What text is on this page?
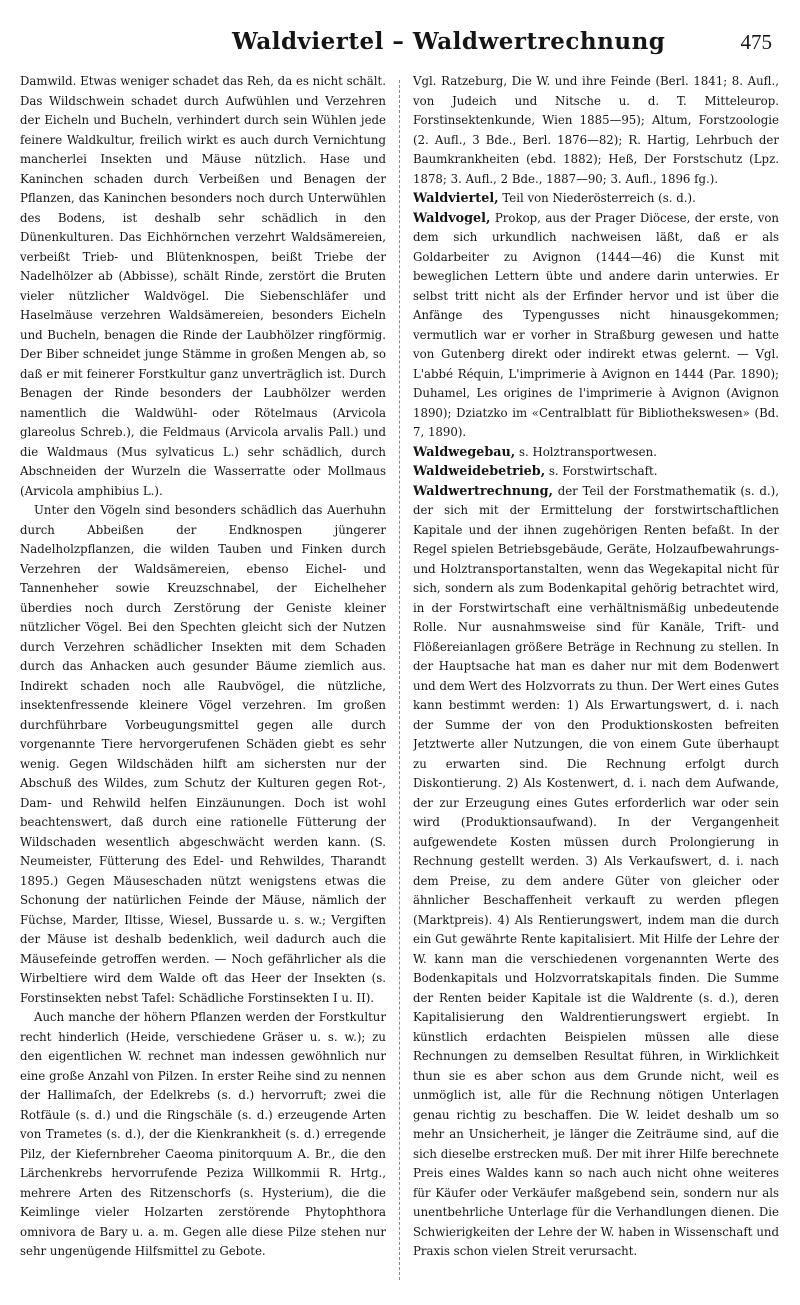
Waldviertel – Waldwertrechnung	475

Damwild. Etwas weniger schadet das Reh, da es nicht schält. Das Wildschwein schadet durch Aufwühlen und Verzehren der Eicheln und Bucheln, verhindert durch sein Wühlen jede feinere Waldkultur, freilich wirkt es auch durch Vernichtung mancherlei Insekten und Mäuse nützlich. Hase und Kaninchen schaden durch Verbeißen und Benagen der Pflanzen, das Kaninchen besonders noch durch Unterwühlen des Bodens, ist deshalb sehr schädlich in den Dünenkulturen. Das Eichhörnchen verzehrt Waldsämereien, verbeißt Trieb- und Blütenknospen, beißt Triebe der Nadelhölzer ab (Abbisse), schält Rinde, zerstört die Bruten vieler nützlicher Waldvögel. Die Siebenschläfer und Haselmäuse verzehren Waldsämereien, besonders Eicheln und Bucheln, benagen die Rinde der Laubhölzer ringförmig. Der Biber schneidet junge Stämme in großen Mengen ab, so daß er mit feinerer Forstkultur ganz unverträglich ist. Durch Benagen der Rinde besonders der Laubhölzer werden namentlich die Waldwühl- oder Rötelmaus (Arvicola glareolus Schreb.), die Feldmaus (Arvicola arvalis Pall.) und die Waldmaus (Mus sylvaticus L.) sehr schädlich, durch Abschneiden der Wurzeln die Wasserratte oder Mollmaus (Arvicola amphibius L.).

Unter den Vögeln sind besonders schädlich das Auerhuhn durch Abbeißen der Endknospen jüngerer Nadelholzpflanzen, die wilden Tauben und Finken durch Verzehren der Waldsämereien, ebenso Eichel- und Tannenheher sowie Kreuzschnabel, der Eichelheher überdies noch durch Zerstörung der Genistе kleiner nützlicher Vögel. Bei den Spechten gleicht sich der Nutzen durch Verzehren schädlicher Insekten mit dem Schaden durch das Anhacken auch gesunder Bäume ziemlich aus. Indirekt schaden noch alle Raubvögel, die nützliche, insektenfressende kleinere Vögel verzehren. Im großen durchführbare Vorbeugungsmittel gegen alle durch vorgenannte Tiere hervorgerufenen Schäden giebt es sehr wenig. Gegen Wildschäden hilft am sichersten nur der Abschuß des Wildes, zum Schutz der Kulturen gegen Rot-, Dam- und Rehwild helfen Einzäunungen. Doch ist wohl beachtenswert, daß durch eine rationelle Fütterung der Wildschaden wesentlich abgeschwächt werden kann. (S. Neumeister, Fütterung des Edel- und Rehwildes, Tharandt 1895.) Gegen Mäuseschaden nützt wenigstens etwas die Schonung der natürlichen Feinde der Mäuse, nämlich der Füchse, Marder, Iltisse, Wiesel, Bussarde u. s. w.; Vergiften der Mäuse ist deshalb bedenklich, weil dadurch auch die Mäusefeinde getroffen werden. — Noch gefährlicher als die Wirbeltiere wird dem Walde oft das Heer der Insekten (s. Forstinsekten nebst Tafel: Schädliche Forstinsekten I u. II).

Auch manche der höhern Pflanzen werden der Forstkultur recht hinderlich (Heide, verschiedene Gräser u. s. w.); zu den eigentlichen W. rechnet man indessen gewöhnlich nur eine große Anzahl von Pilzen. In erster Reihe sind zu nennen der Hallimaſch, der Edelkrebs (s. d.) hervorruft; zwei die Rotfäule (s. d.) und die Ringschäle (s. d.) erzeugende Arten von Trametes (s. d.), der die Kienkrankheit (s. d.) erregende Pilz, der Kiefernbreher Caeoma pinitorquum A. Br., die den Lärchenkrebs hervorrufende Peziza Willkommii R. Hrtg., mehrere Arten des Ritzenschorfs (s. Hysterium), die die Keimlinge vieler Holzarten zerstörende Phytophthora omnivora de Bary u. a. m. Gegen alle diese Pilze stehen nur sehr ungenügende Hilfsmittel zu Gebote.

Vgl. Ratzeburg, Die W. und ihre Feinde (Berl. 1841; 8. Aufl., von Judeich und Nitsche u. d. T. Mitteleurop. Forstinsektenkunde, Wien 1885—95); Altum, Forstzoologie (2. Aufl., 3 Bde., Berl. 1876—82); R. Hartig, Lehrbuch der Baumkrankheiten (ebd. 1882); Heß, Der Forstschutz (Lpz. 1878; 3. Aufl., 2 Bde., 1887—90; 3. Aufl., 1896 fg.).

Waldviertel, Teil von Niederösterreich (s. d.).

Waldvogel, Prokop, aus der Prager Diöcese, der erste, von dem sich urkundlich nachweisen läßt, daß er als Goldarbeiter zu Avignon (1444—46) die Kunst mit beweglichen Lettern übte und andere darin unterwies. Er selbst tritt nicht als der Erfinder hervor und ist über die Anfänge des Typengusses nicht hinausgekommen; vermutlich war er vorher in Straßburg gewesen und hatte von Gutenberg direkt oder indirekt etwas gelernt. — Vgl. L'abbé Réquin, L'imprimerie à Avignon en 1444 (Par. 1890); Duhamel, Les origines de l'imprimerie à Avignon (Avignon 1890); Dziatzko im «Centralblatt für Bibliothekswesen» (Bd. 7, 1890).

Waldwegebau, s. Holztransportwesen.

Waldweidebetrieb, s. Forstwirtschaft.

Waldwertrechnung, der Teil der Forstmathematik (s. d.), der sich mit der Ermittelung der forstwirtschaftlichen Kapitale und der ihnen zugehörigen Renten befaßt. In der Regel spielen Betriebsgebäude, Geräte, Holzaufbewahrungs- und Holztransportanstalten, wenn das Wegekapital nicht für sich, sondern als zum Bodenkapital gehörig betrachtet wird, in der Forstwirtschaft eine verhältnismäßig unbedeutende Rolle. Nur ausnahmsweise sind für Kanäle, Trift- und Flößereianlagen größere Beträge in Rechnung zu stellen. In der Hauptsache hat man es daher nur mit dem Bodenwert und dem Wert des Holzvorrats zu thun. Der Wert eines Gutes kann bestimmt werden: 1) Als Erwartungswert, d. i. nach der Summe der von den Produktionskosten befreiten Jetztwerte aller Nutzungen, die von einem Gute überhaupt zu erwarten sind. Die Rechnung erfolgt durch Diskontierung. 2) Als Kostenwert, d. i. nach dem Aufwande, der zur Erzeugung eines Gutes erforderlich war oder sein wird (Produktionsaufwand). In der Vergangenheit aufgewendete Kosten müssen durch Prolongierung in Rechnung gestellt werden. 3) Als Verkaufswert, d. i. nach dem Preise, zu dem andere Güter von gleicher oder ähnlicher Beschaffenheit verkauft zu werden pflegen (Marktpreis). 4) Als Rentierungswert, indem man die durch ein Gut gewährte Rente kapitalisiert. Mit Hilfe der Lehre der W. kann man die verschiedenen vorgenannten Werte des Bodenkapitals und Holzvorratskapitals finden. Die Summe der Renten beider Kapitale ist die Waldrente (s. d.), deren Kapitalisierung den Waldrentierungswert ergiebt. In künstlich erdachten Beispielen müssen alle diese Rechnungen zu demselben Resultat führen, in Wirklichkeit thun sie es aber schon aus dem Grunde nicht, weil es unmöglich ist, alle für die Rechnung nötigen Unterlagen genau richtig zu beschaffen. Die W. leidet deshalb um so mehr an Unsicherheit, je länger die Zeiträume sind, auf die sich dieselbe erstrecken muß. Der mit ihrer Hilfe berechnete Preis eines Waldes kann so nach auch nicht ohne weiteres für Käufer oder Verkäufer maßgebend sein, sondern nur als unentbehrliche Unterlage für die Verhandlungen dienen. Die Schwierigkeiten der Lehre der W. haben in Wissenschaft und Praxis schon vielen Streit verursacht.
